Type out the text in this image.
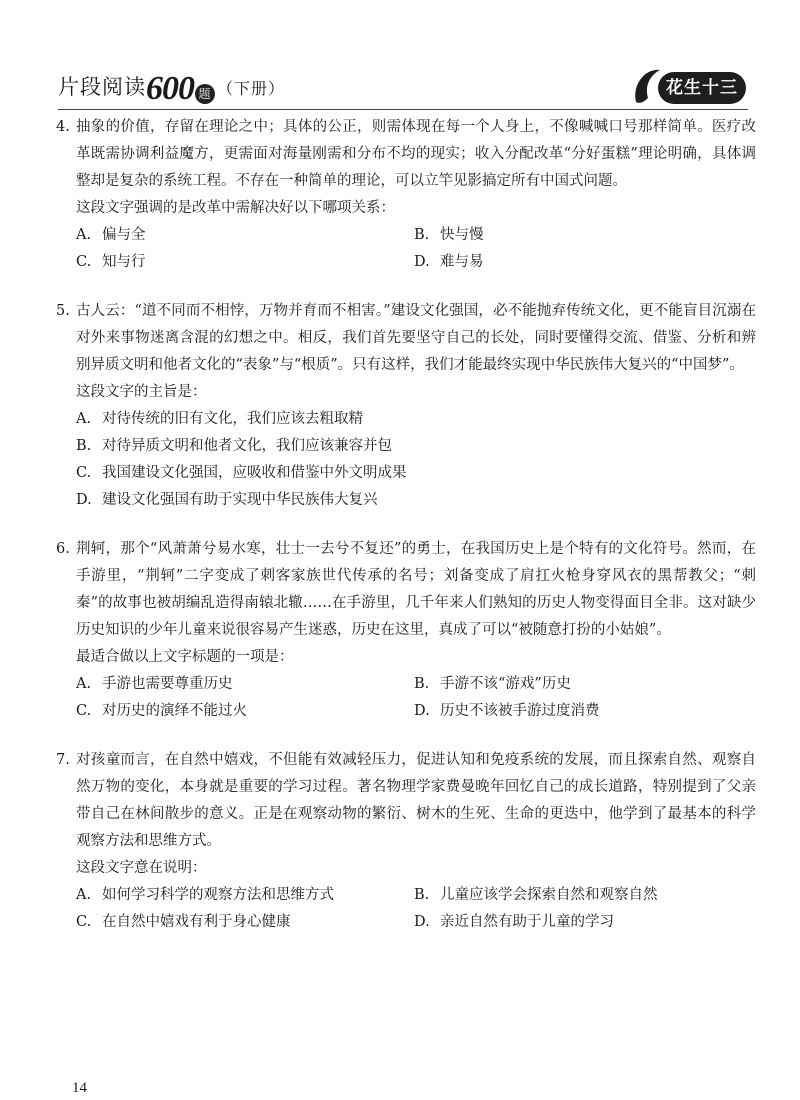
片段阅读600 题 （下册）	花生十三
4. 抽象的价值，存留在理论之中；具体的公正，则需体现在每一个人身上，不像喊喊口号那样简单。医疗改革既需协调利益魔方，更需面对海量刚需和分布不均的现实；收入分配改革“分好蛋糕”理论明确，具体调整却是复杂的系统工程。不存在一种简单的理论，可以立竿见影搞定所有中国式问题。
这段文字强调的是改革中需解决好以下哪项关系：
A. 偏与全	B. 快与慢
C. 知与行	D. 难与易
5. 古人云：“道不同而不相悖，万物并育而不相害。”建设文化强国，必不能抛弃传统文化，更不能盲目沉溺在对外来事物迷离含混的幻想之中。相反，我们首先要坚守自己的长处，同时要懂得交流、借鉴、分析和辨别异质文明和他者文化的“表象”与“根质”。只有这样，我们才能最终实现中华民族伟大复兴的“中国梦”。
这段文字的主旨是：
A. 对待传统的旧有文化，我们应该去粗取精
B. 对待异质文明和他者文化，我们应该兼容并包
C. 我国建设文化强国，应吸收和借鉴中外文明成果
D. 建设文化强国有助于实现中华民族伟大复兴
6. 荆轲，那个“风萧萧兮易水寒，壮士一去兮不复还”的勇士，在我国历史上是个特有的文化符号。然而，在手游里，“荆轲”二字变成了刺客家族世代传承的名号；刘备变成了肩扛火枪身穿风衣的黑帮教父；“刺秦”的故事也被胡编乱造得南辕北辙……在手游里，几千年来人们熟知的历史人物变得面目全非。这对缺少历史知识的少年儿童来说很容易产生迷惑，历史在这里，真成了可以“被随意打扮的小姑娘”。
最适合做以上文字标题的一项是：
A. 手游也需要尊重历史	B. 手游不该“游戏”历史
C. 对历史的演绎不能过火	D. 历史不该被手游过度消费
7. 对孩童而言，在自然中嬉戏，不但能有效减轻压力，促进认知和免疫系统的发展，而且探索自然、观察自然万物的变化，本身就是重要的学习过程。著名物理学家费曼晚年回忆自己的成长道路，特别提到了父亲带自己在林间散步的意义。正是在观察动物的繁衍、树木的生死、生命的更迭中，他学到了最基本的科学观察方法和思维方式。
这段文字意在说明：
A. 如何学习科学的观察方法和思维方式	B. 儿童应该学会探索自然和观察自然
C. 在自然中嬉戏有利于身心健康	D. 亲近自然有助于儿童的学习
14
